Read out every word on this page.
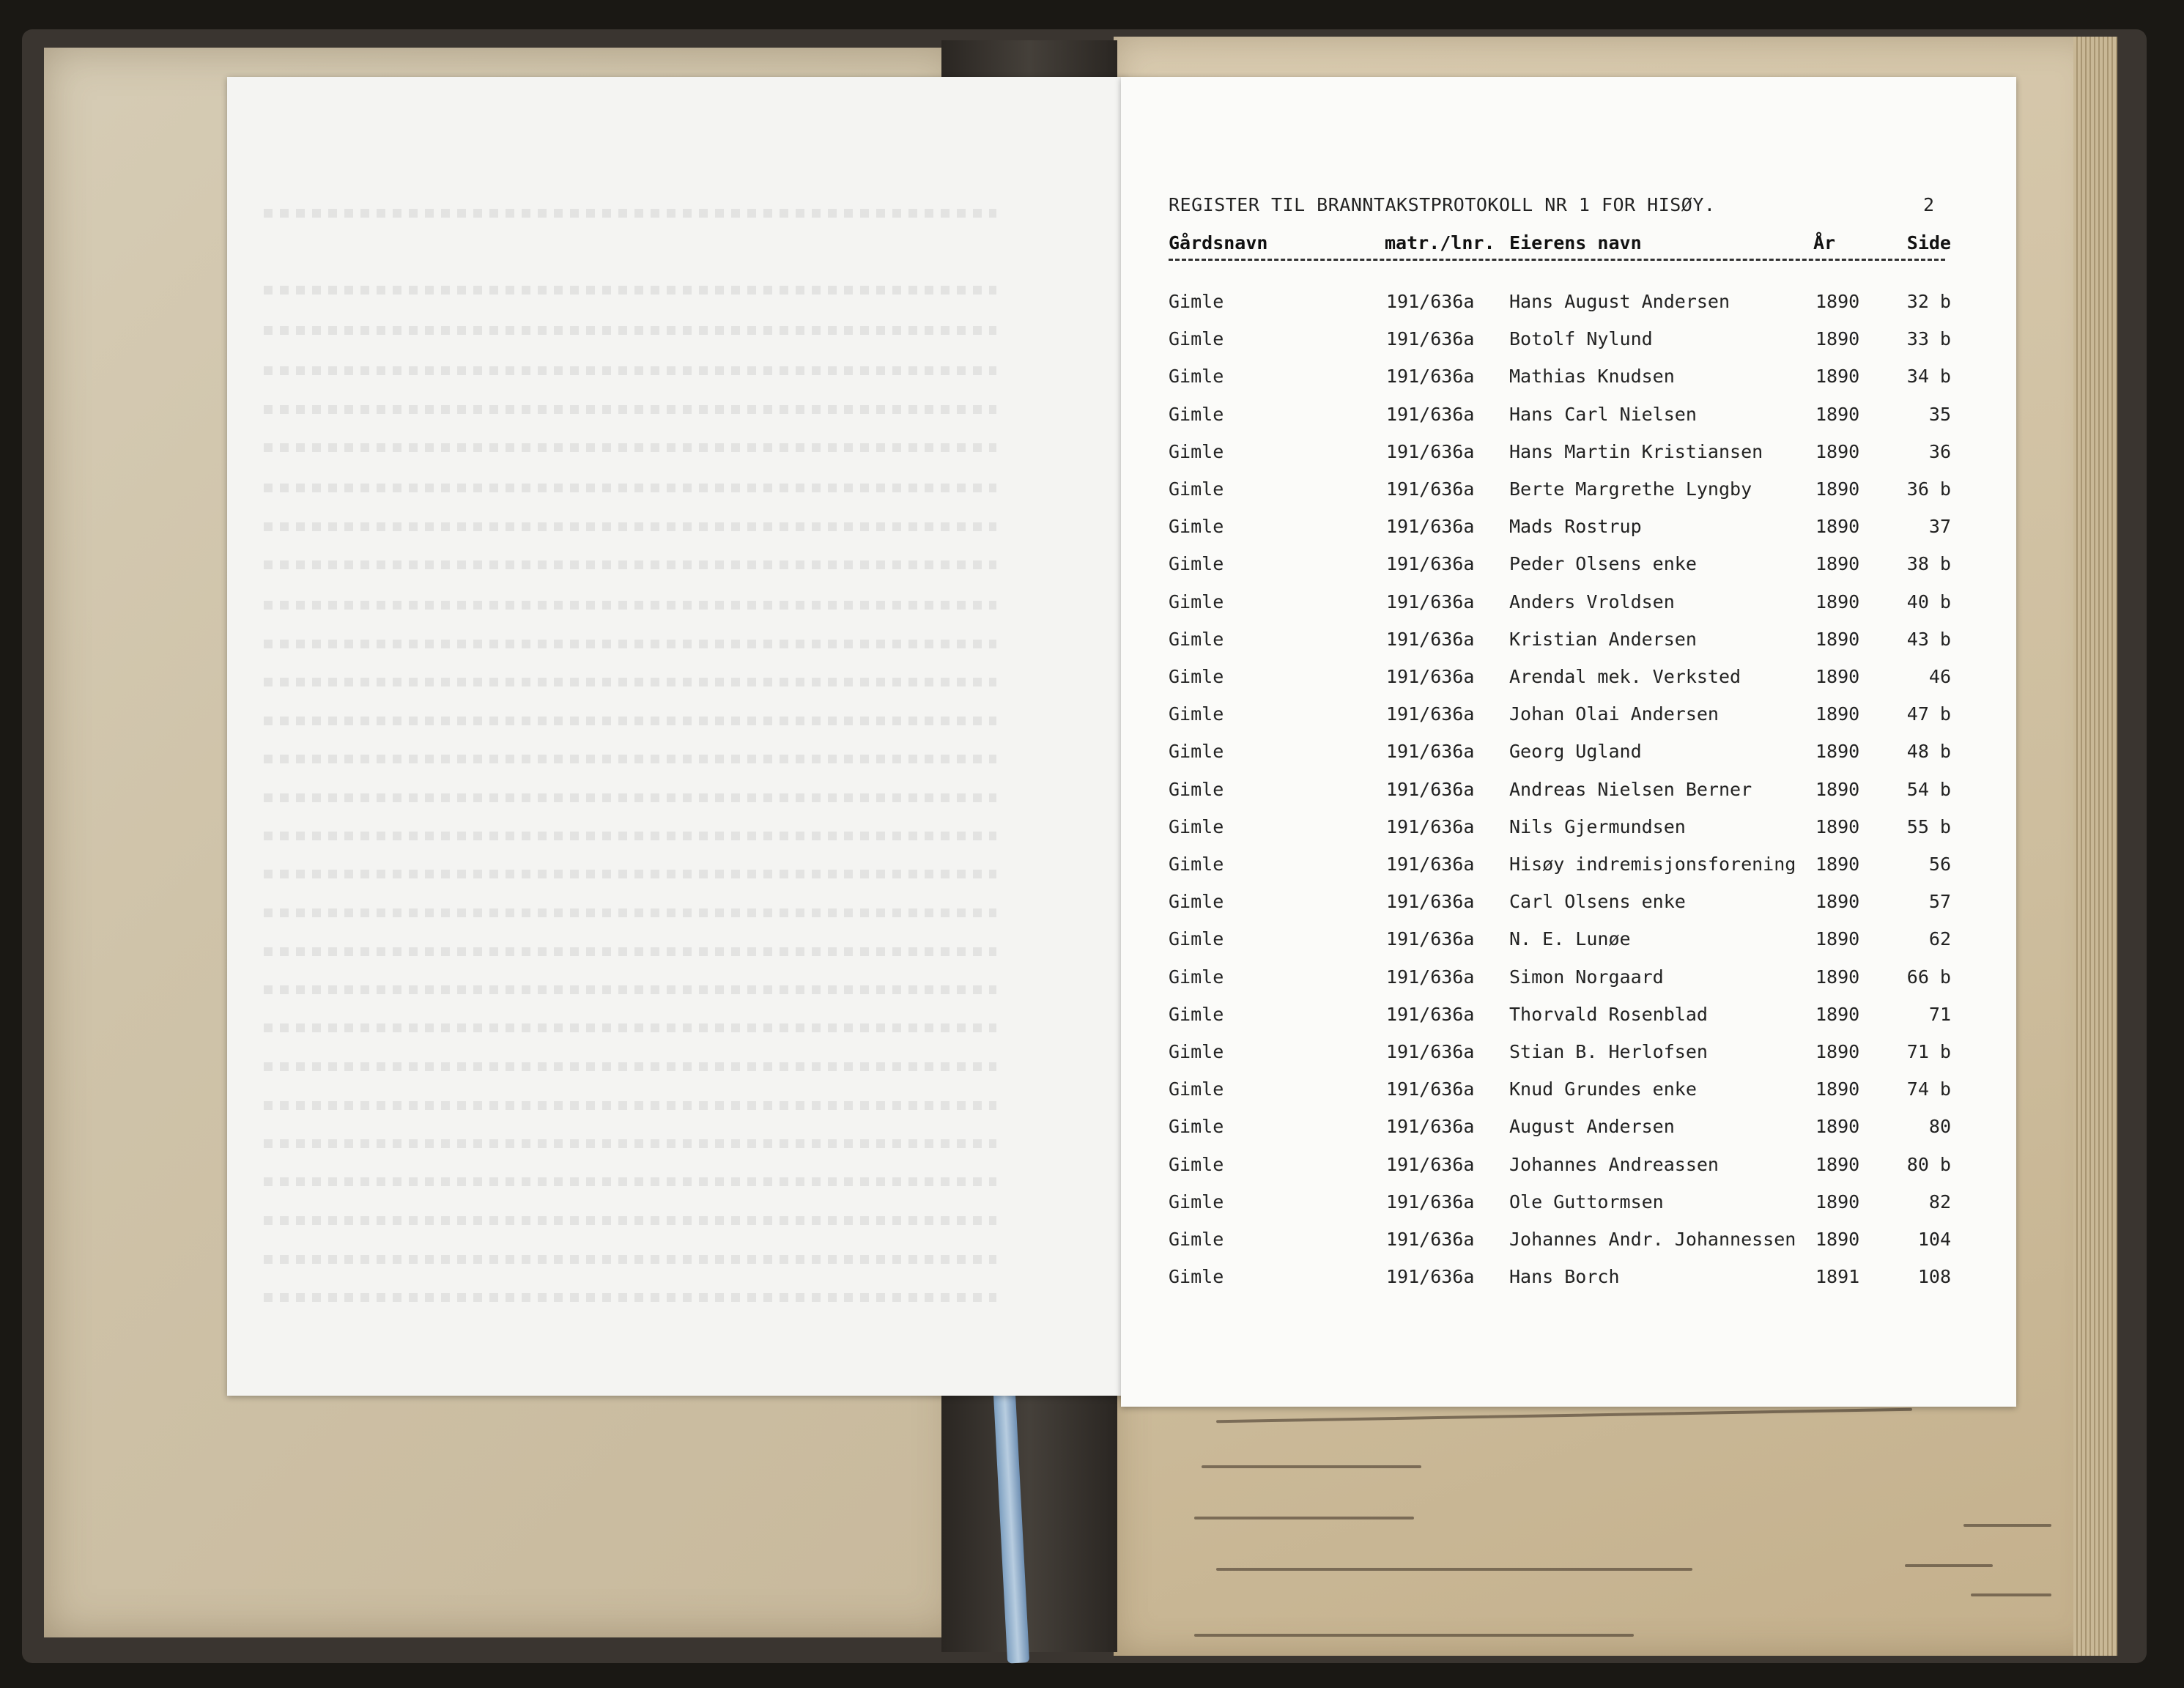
REGISTER TIL BRANNTAKSTPROTOKOLL NR 1 FOR HISØY.	2
Gårdsnavn	matr./lnr. Eierens navn	År	Side
Gimle	191/636a Hans August Andersen	1890	32 b
Gimle	191/636a Botolf Nylund	1890	33 b
Gimle	191/636a Mathias Knudsen	1890	34 b
Gimle	191/636a Hans Carl Nielsen	1890	35
Gimle	191/636a Hans Martin Kristiansen	1890	36
Gimle	191/636a Berte Margrethe Lyngby	1890	36 b
Gimle	191/636a Mads Rostrup	1890	37
Gimle	191/636a Peder Olsens enke	1890	38 b
Gimle	191/636a Anders Vroldsen	1890	40 b
Gimle	191/636a Kristian Andersen	1890	43 b
Gimle	191/636a Arendal mek. Verksted	1890	46
Gimle	191/636a Johan Olai Andersen	1890	47 b
Gimle	191/636a Georg Ugland	1890	48 b
Gimle	191/636a Andreas Nielsen Berner	1890	54 b
Gimle	191/636a Nils Gjermundsen	1890	55 b
Gimle	191/636a Hisøy indremisjonsforening 1890	56
Gimle	191/636a Carl Olsens enke	1890	57
Gimle	191/636a N. E. Lunøe	1890	62
Gimle	191/636a Simon Norgaard	1890	66 b
Gimle	191/636a Thorvald Rosenblad	1890	71
Gimle	191/636a Stian B. Herlofsen	1890	71 b
Gimle	191/636a Knud Grundes enke	1890	74 b
Gimle	191/636a August Andersen	1890	80
Gimle	191/636a Johannes Andreassen	1890	80 b
Gimle	191/636a Ole Guttormsen	1890	82
Gimle	191/636a Johannes Andr. Johannessen 1890	104
Gimle	191/636a Hans Borch	1891	108
